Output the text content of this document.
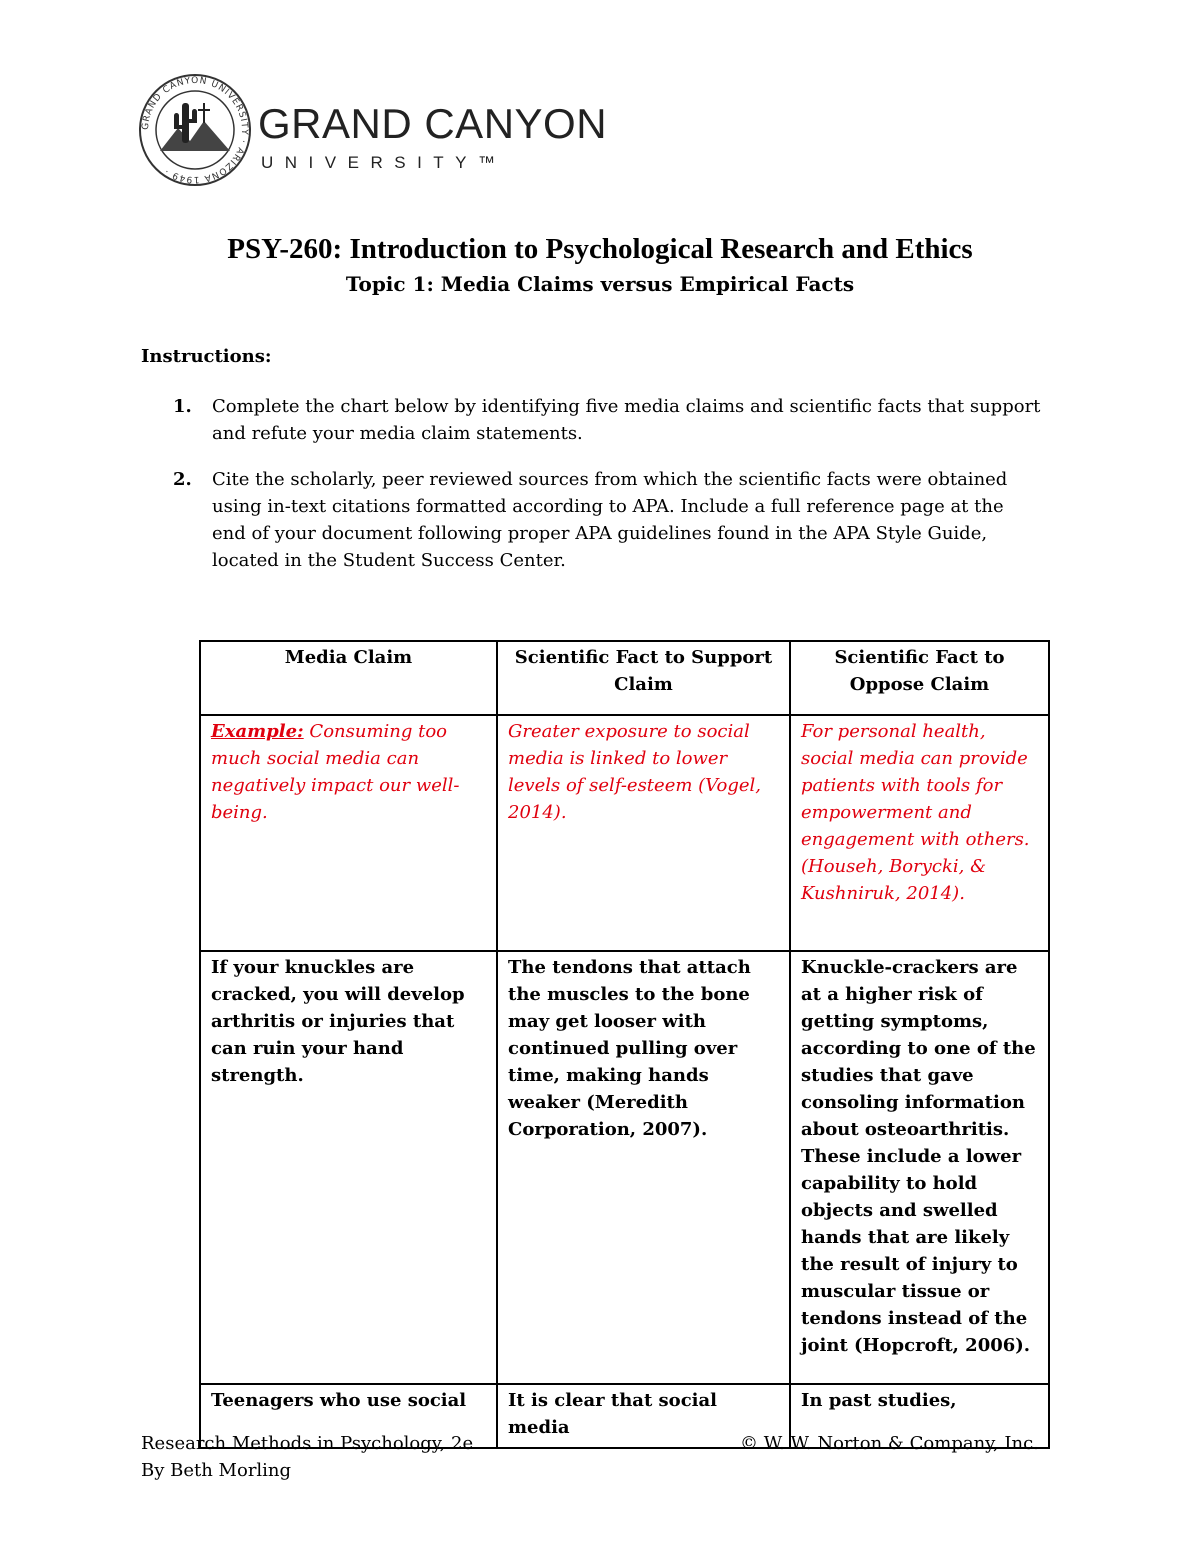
GRAND CANYON UNIVERSITY · ARIZONA 1949 ·
GRAND CANYON
UNIVERSITY™
PSY-260: Introduction to Psychological Research and Ethics
Topic 1: Media Claims versus Empirical Facts
Instructions:
1. Complete the chart below by identifying five media claims and scientific facts that support and refute your media claim statements.
2. Cite the scholarly, peer reviewed sources from which the scientific facts were obtained using in-text citations formatted according to APA. Include a full reference page at the end of your document following proper APA guidelines found in the APA Style Guide, located in the Student Success Center.
Media Claim	Scientific Fact to Support Claim	Scientific Fact to Oppose Claim
Example: Consuming too much social media can negatively impact our well-being.	Greater exposure to social media is linked to lower levels of self-esteem (Vogel, 2014).	For personal health, social media can provide patients with tools for empowerment and engagement with others. (Househ, Borycki, & Kushniruk, 2014).
If your knuckles are cracked, you will develop arthritis or injuries that can ruin your hand strength.	The tendons that attach the muscles to the bone may get looser with continued pulling over time, making hands weaker (Meredith Corporation, 2007).	Knuckle-crackers are at a higher risk of getting symptoms, according to one of the studies that gave consoling information about osteoarthritis. These include a lower capability to hold objects and swelled hands that are likely the result of injury to muscular tissue or tendons instead of the joint (Hopcroft, 2006).
Teenagers who use social	It is clear that social media	In past studies,
Research Methods in Psychology, 2e
By Beth Morling
© W. W. Norton & Company, Inc.
